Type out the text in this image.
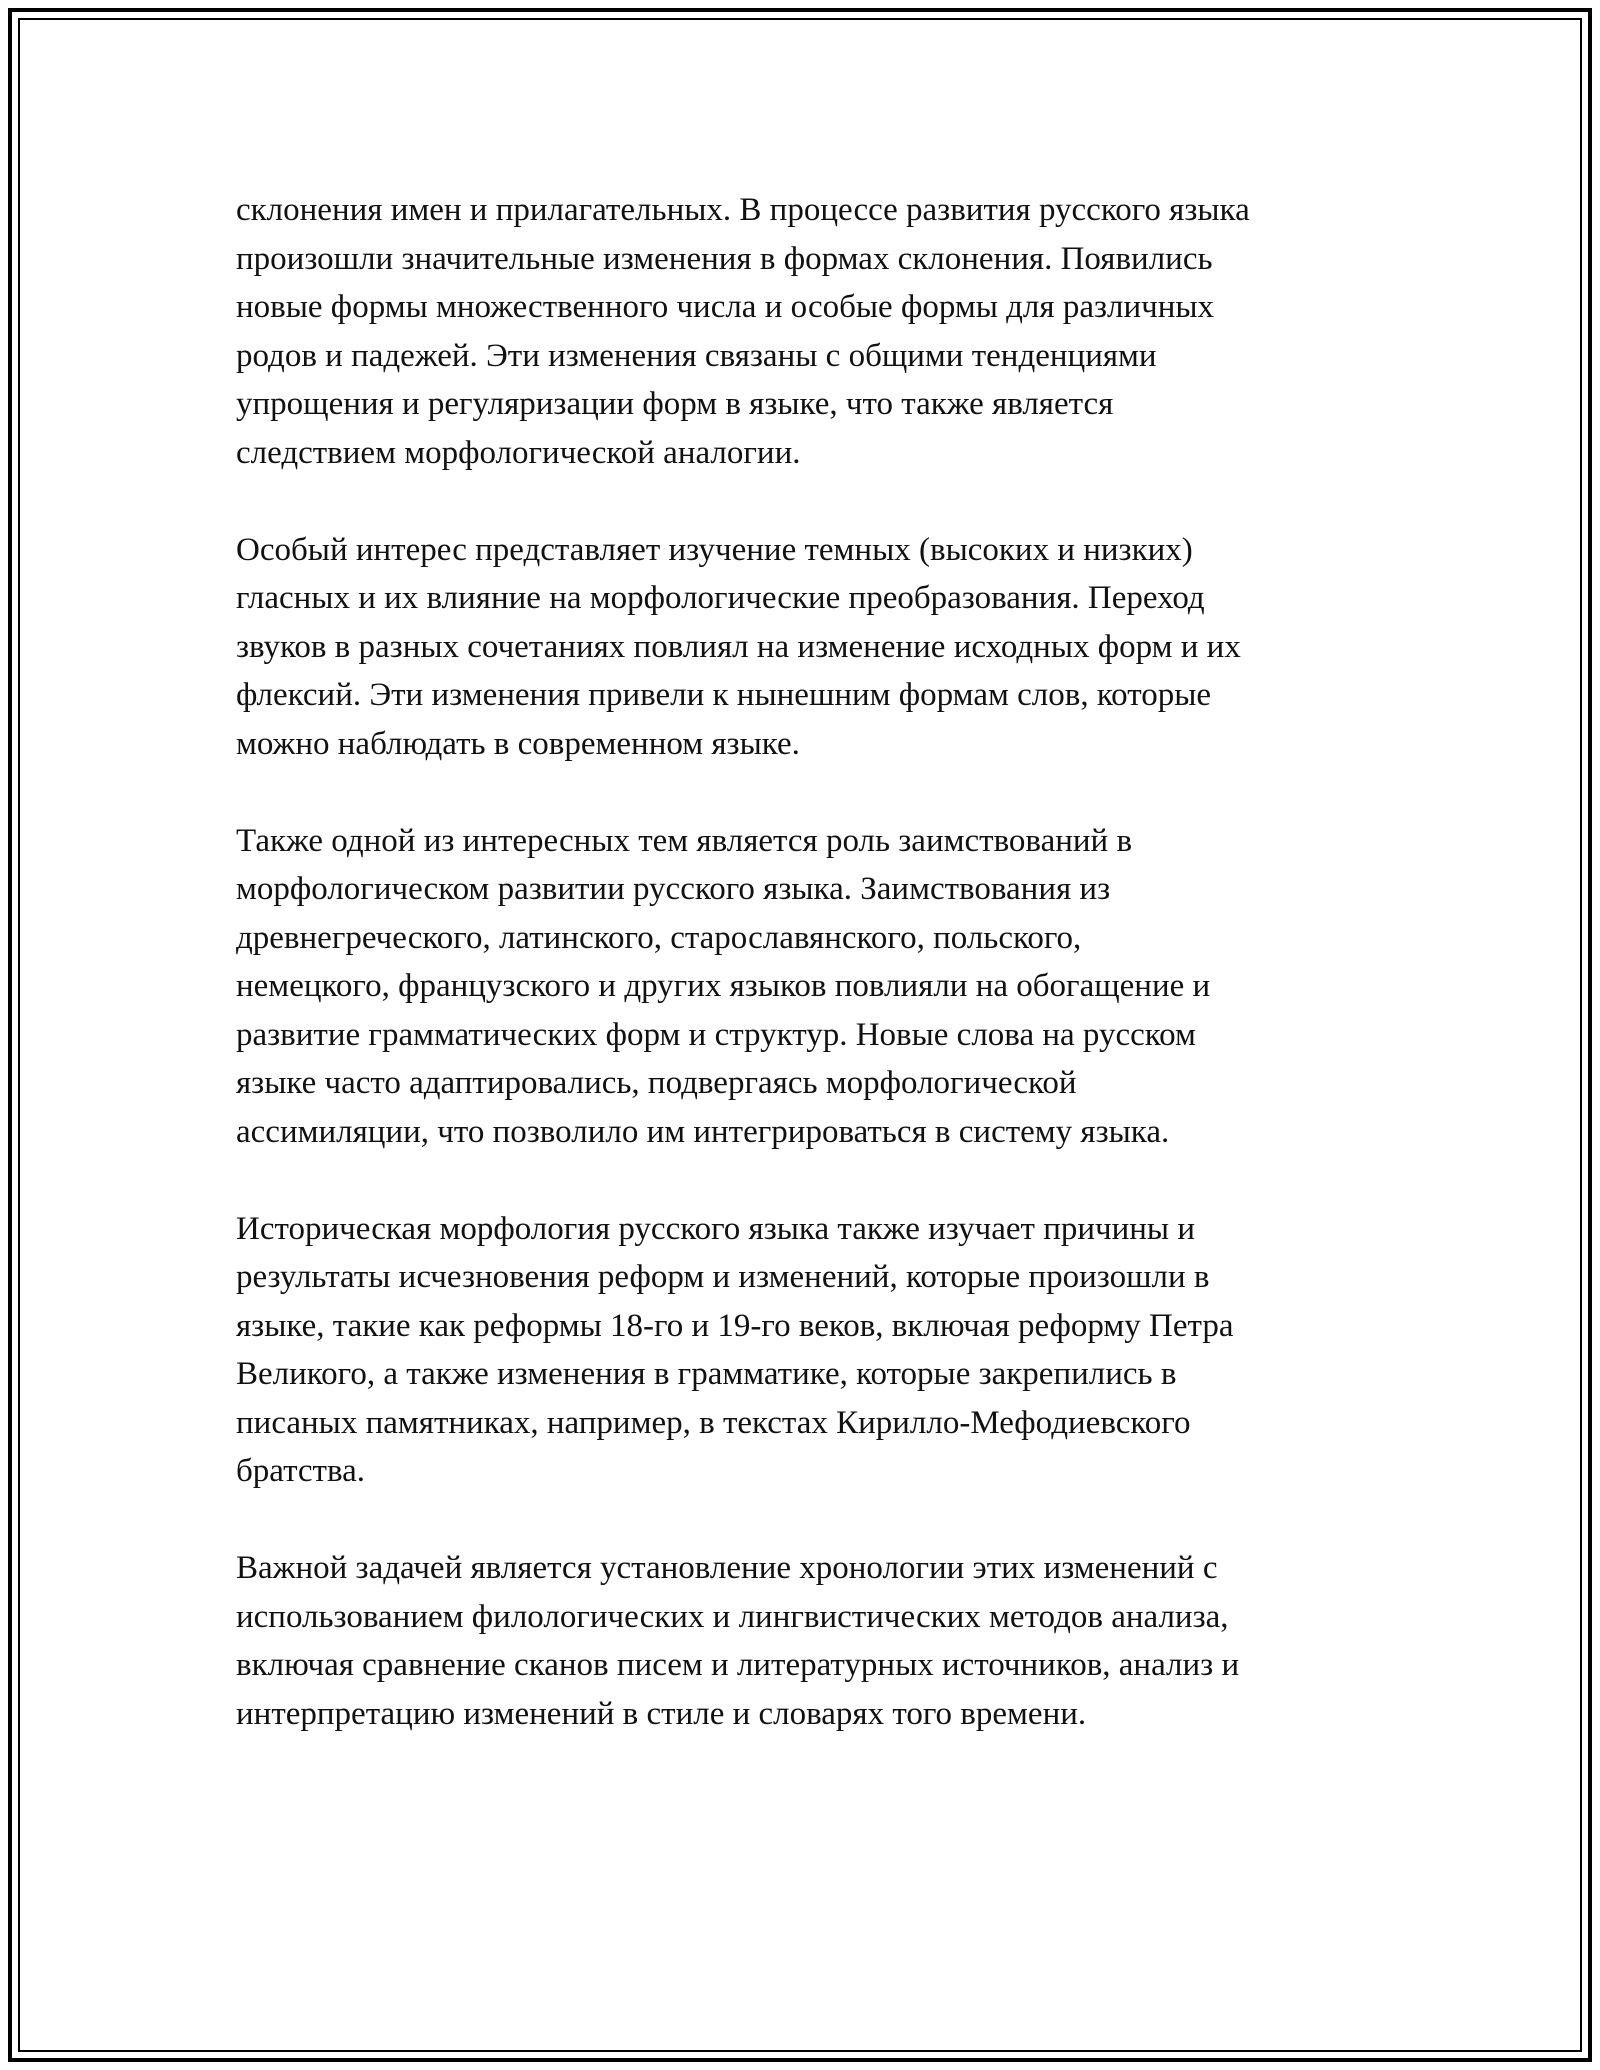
склонения имен и прилагательных. В процессе развития русского языка
произошли значительные изменения в формах склонения. Появились
новые формы множественного числа и особые формы для различных
родов и падежей. Эти изменения связаны с общими тенденциями
упрощения и регуляризации форм в языке, что также является
следствием морфологической аналогии.
Особый интерес представляет изучение темных (высоких и низких)
гласных и их влияние на морфологические преобразования. Переход
звуков в разных сочетаниях повлиял на изменение исходных форм и их
флексий. Эти изменения привели к нынешним формам слов, которые
можно наблюдать в современном языке.
Также одной из интересных тем является роль заимствований в
морфологическом развитии русского языка. Заимствования из
древнегреческого, латинского, старославянского, польского,
немецкого, французского и других языков повлияли на обогащение и
развитие грамматических форм и структур. Новые слова на русском
языке часто адаптировались, подвергаясь морфологической
ассимиляции, что позволило им интегрироваться в систему языка.
Историческая морфология русского языка также изучает причины и
результаты исчезновения реформ и изменений, которые произошли в
языке, такие как реформы 18-го и 19-го веков, включая реформу Петра
Великого, а также изменения в грамматике, которые закрепились в
писаных памятниках, например, в текстах Кирилло-Мефодиевского
братства.
Важной задачей является установление хронологии этих изменений с
использованием филологических и лингвистических методов анализа,
включая сравнение сканов писем и литературных источников, анализ и
интерпретацию изменений в стиле и словарях того времени.
